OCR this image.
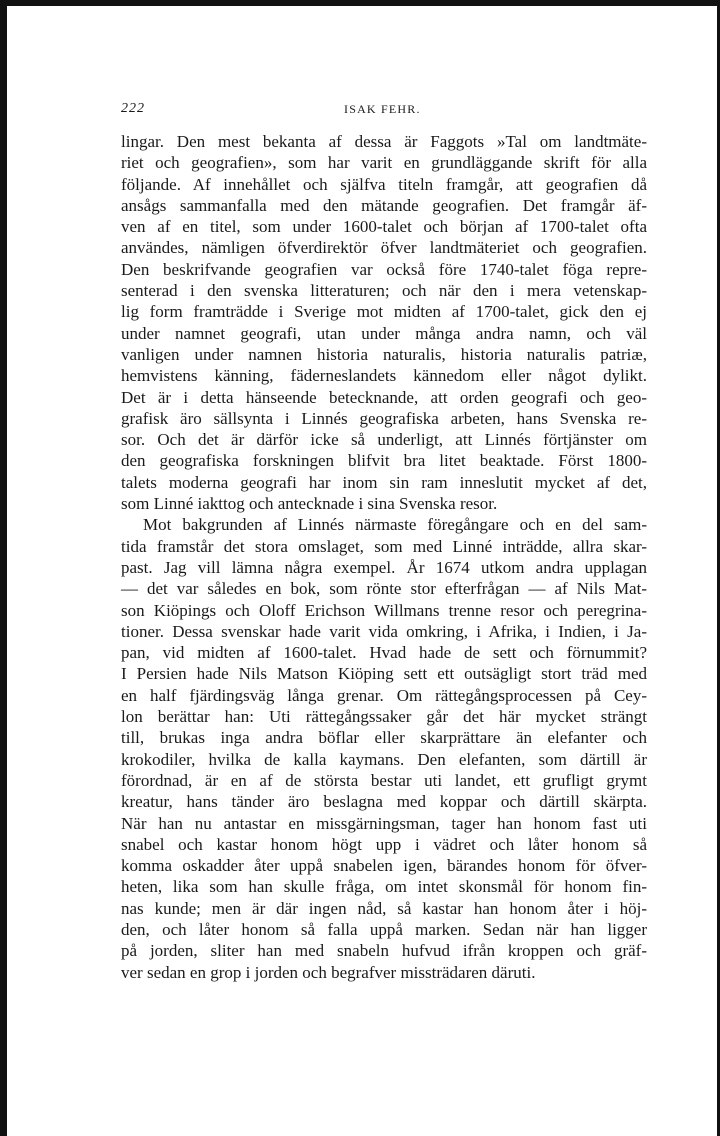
222	ISAK FEHR.
lingar. Den mest bekanta af dessa är Faggots »Tal om landtmäte-
riet och geografien», som har varit en grundläggande skrift för alla
följande. Af innehållet och själfva titeln framgår, att geografien då
ansågs sammanfalla med den mätande geografien. Det framgår äf-
ven af en titel, som under 1600-talet och början af 1700-talet ofta
användes, nämligen öfverdirektör öfver landtmäteriet och geografien.
Den beskrifvande geografien var också före 1740-talet föga repre-
senterad i den svenska litteraturen; och när den i mera vetenskap-
lig form framträdde i Sverige mot midten af 1700-talet, gick den ej
under namnet geografi, utan under många andra namn, och väl
vanligen under namnen historia naturalis, historia naturalis patriæ,
hemvistens känning, fäderneslandets kännedom eller något dylikt.
Det är i detta hänseende betecknande, att orden geografi och geo-
grafisk äro sällsynta i Linnés geografiska arbeten, hans Svenska re-
sor. Och det är därför icke så underligt, att Linnés förtjänster om
den geografiska forskningen blifvit bra litet beaktade. Först 1800-
talets moderna geografi har inom sin ram inneslutit mycket af det,
som Linné iakttog och antecknade i sina Svenska resor.
Mot bakgrunden af Linnés närmaste föregångare och en del sam-
tida framstår det stora omslaget, som med Linné inträdde, allra skar-
past. Jag vill lämna några exempel. År 1674 utkom andra upplagan
— det var således en bok, som rönte stor efterfrågan — af Nils Mat-
son Kiöpings och Oloff Erichson Willmans trenne resor och peregrina-
tioner. Dessa svenskar hade varit vida omkring, i Afrika, i Indien, i Ja-
pan, vid midten af 1600-talet. Hvad hade de sett och förnummit?
I Persien hade Nils Matson Kiöping sett ett outsägligt stort träd med
en half fjärdingsväg långa grenar. Om rättegångsprocessen på Cey-
lon berättar han: Uti rättegångssaker går det här mycket strängt
till, brukas inga andra böflar eller skarprättare än elefanter och
krokodiler, hvilka de kalla kaymans. Den elefanten, som därtill är
förordnad, är en af de största bestar uti landet, ett grufligt grymt
kreatur, hans tänder äro beslagna med koppar och därtill skärpta.
När han nu antastar en missgärningsman, tager han honom fast uti
snabel och kastar honom högt upp i vädret och låter honom så
komma oskadder åter uppå snabelen igen, bärandes honom för öfver-
heten, lika som han skulle fråga, om intet skonsmål för honom fin-
nas kunde; men är där ingen nåd, så kastar han honom åter i höj-
den, och låter honom så falla uppå marken. Sedan när han ligger
på jorden, sliter han med snabeln hufvud ifrån kroppen och gräf-
ver sedan en grop i jorden och begrafver missträdaren däruti.
